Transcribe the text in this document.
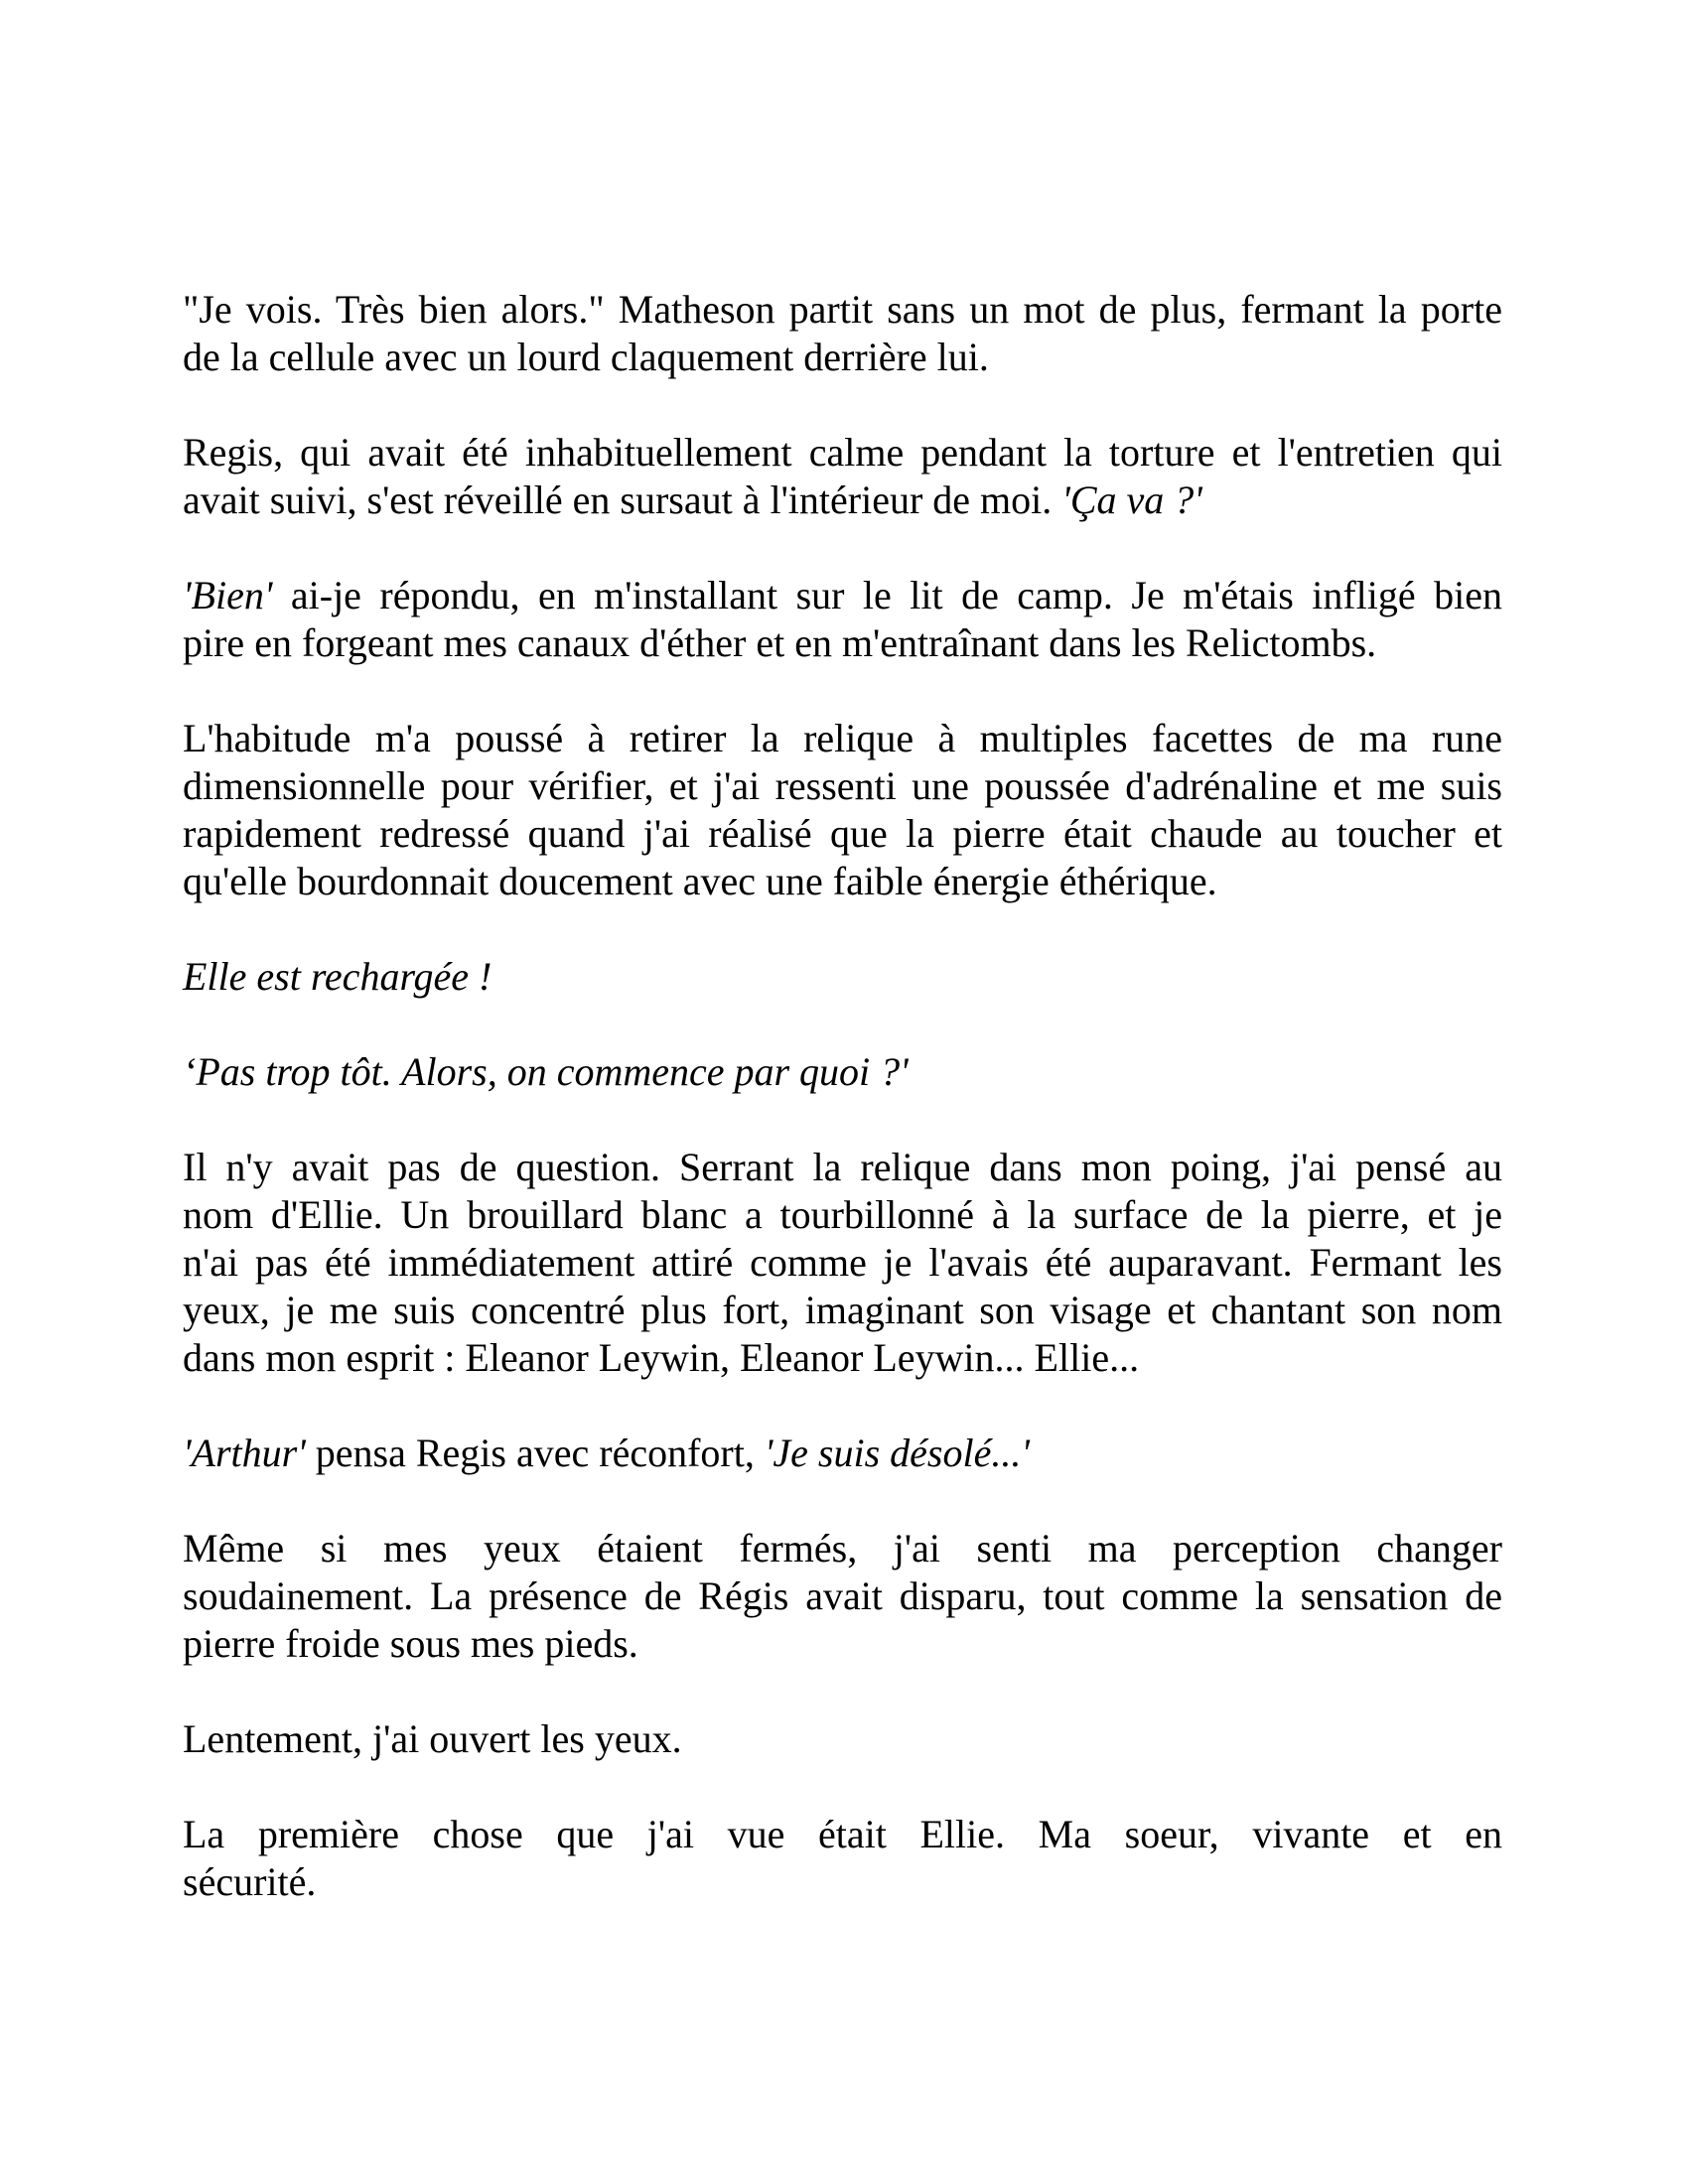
"Je vois. Très bien alors." Matheson partit sans un mot de plus, fermant la porte
de la cellule avec un lourd claquement derrière lui.

Regis, qui avait été inhabituellement calme pendant la torture et l'entretien qui
avait suivi, s'est réveillé en sursaut à l'intérieur de moi. 'Ça va ?'

'Bien' ai-je répondu, en m'installant sur le lit de camp. Je m'étais infligé bien
pire en forgeant mes canaux d'éther et en m'entraînant dans les Relictombs.

L'habitude m'a poussé à retirer la relique à multiples facettes de ma rune
dimensionnelle pour vérifier, et j'ai ressenti une poussée d'adrénaline et me suis
rapidement redressé quand j'ai réalisé que la pierre était chaude au toucher et
qu'elle bourdonnait doucement avec une faible énergie éthérique.

Elle est rechargée !

‘Pas trop tôt. Alors, on commence par quoi ?'

Il n'y avait pas de question. Serrant la relique dans mon poing, j'ai pensé au
nom d'Ellie. Un brouillard blanc a tourbillonné à la surface de la pierre, et je
n'ai pas été immédiatement attiré comme je l'avais été auparavant. Fermant les
yeux, je me suis concentré plus fort, imaginant son visage et chantant son nom
dans mon esprit : Eleanor Leywin, Eleanor Leywin... Ellie...

'Arthur' pensa Regis avec réconfort, 'Je suis désolé...'

Même si mes yeux étaient fermés, j'ai senti ma perception changer
soudainement. La présence de Régis avait disparu, tout comme la sensation de
pierre froide sous mes pieds.

Lentement, j'ai ouvert les yeux.

La première chose que j'ai vue était Ellie. Ma soeur, vivante et en
sécurité.
